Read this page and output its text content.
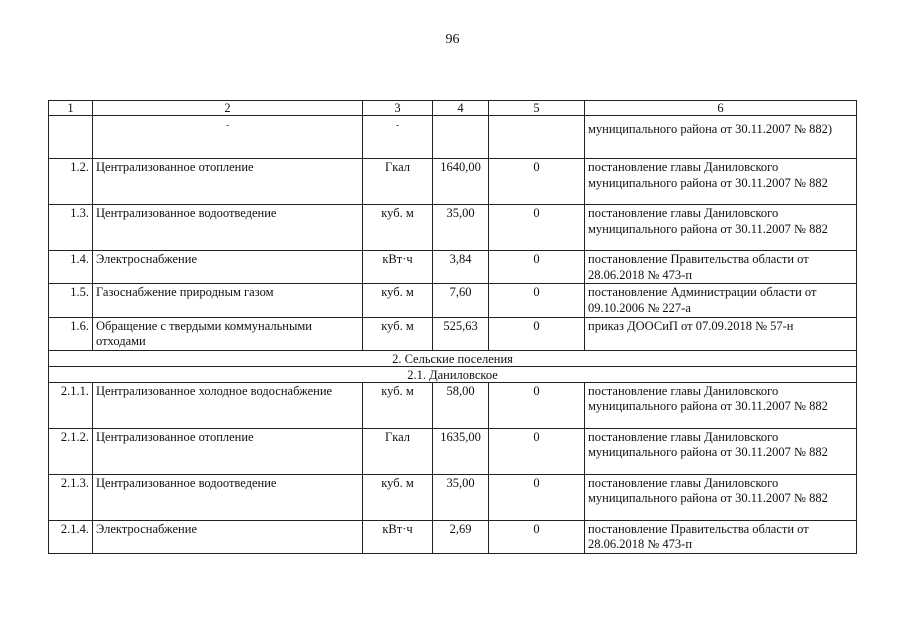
96
1	2	3	4	5	6
	-	-			муниципального района от 30.11.2007 № 882)
1.2.	Централизованное отопление	Гкал	1640,00	0	постановление главы Даниловского муниципального района от 30.11.2007 № 882
1.3.	Централизованное водоотведение	куб. м	35,00	0	постановление главы Даниловского муниципального района от 30.11.2007 № 882
1.4.	Электроснабжение	кВт·ч	3,84	0	постановление Правительства области от 28.06.2018 № 473-п
1.5.	Газоснабжение природным газом	куб. м	7,60	0	постановление Администрации области от 09.10.2006 № 227-а
1.6.	Обращение с твердыми коммунальными отходами	куб. м	525,63	0	приказ ДООСиП от 07.09.2018 № 57-н
2. Сельские поселения					
2.1. Даниловское					
2.1.1.	Централизованное холодное водоснабжение	куб. м	58,00	0	постановление главы Даниловского муниципального района от 30.11.2007 № 882
2.1.2.	Централизованное отопление	Гкал	1635,00	0	постановление главы Даниловского муниципального района от 30.11.2007 № 882
2.1.3.	Централизованное водоотведение	куб. м	35,00	0	постановление главы Даниловского муниципального района от 30.11.2007 № 882
2.1.4.	Электроснабжение	кВт·ч	2,69	0	постановление Правительства области от 28.06.2018 № 473-п
